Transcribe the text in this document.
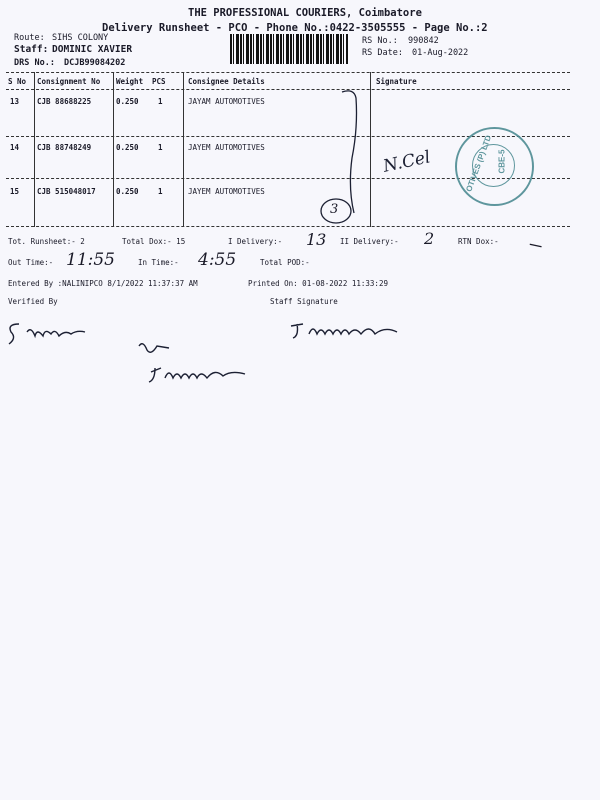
THE PROFESSIONAL COURIERS, Coimbatore
Delivery Runsheet - PCO - Phone No.:0422-3505555 - Page No.:2
Route: SIHS COLONY
Staff: DOMINIC XAVIER
DRS No.: DCJB99084202
RS No.: 990842
RS Date: 01-Aug-2022
S No Consignment No Weight PCS	Consignee Details	Signature
13 CJB 88688225	0.250	1	JAYAM AUTOMOTIVES
14 CJB 88748249	0.250	1	JAYEM AUTOMOTIVES
15 CJB 515048017	0.250	1	JAYEM AUTOMOTIVES
3
N.Cel	OTIVES (P) LTD CBE-5
Tot. Runsheet:- 2	Total Dox:- 15	I Delivery:- 13 II Delivery:- 2	RTN Dox:- —
Out Time:- 11:55	In Time:- 4:55	Total POD:-
Entered By :NALINIPCO 8/1/2022 11:37:37 AM	Printed On: 01-08-2022 11:33:29
Verified By	Staff Signature
